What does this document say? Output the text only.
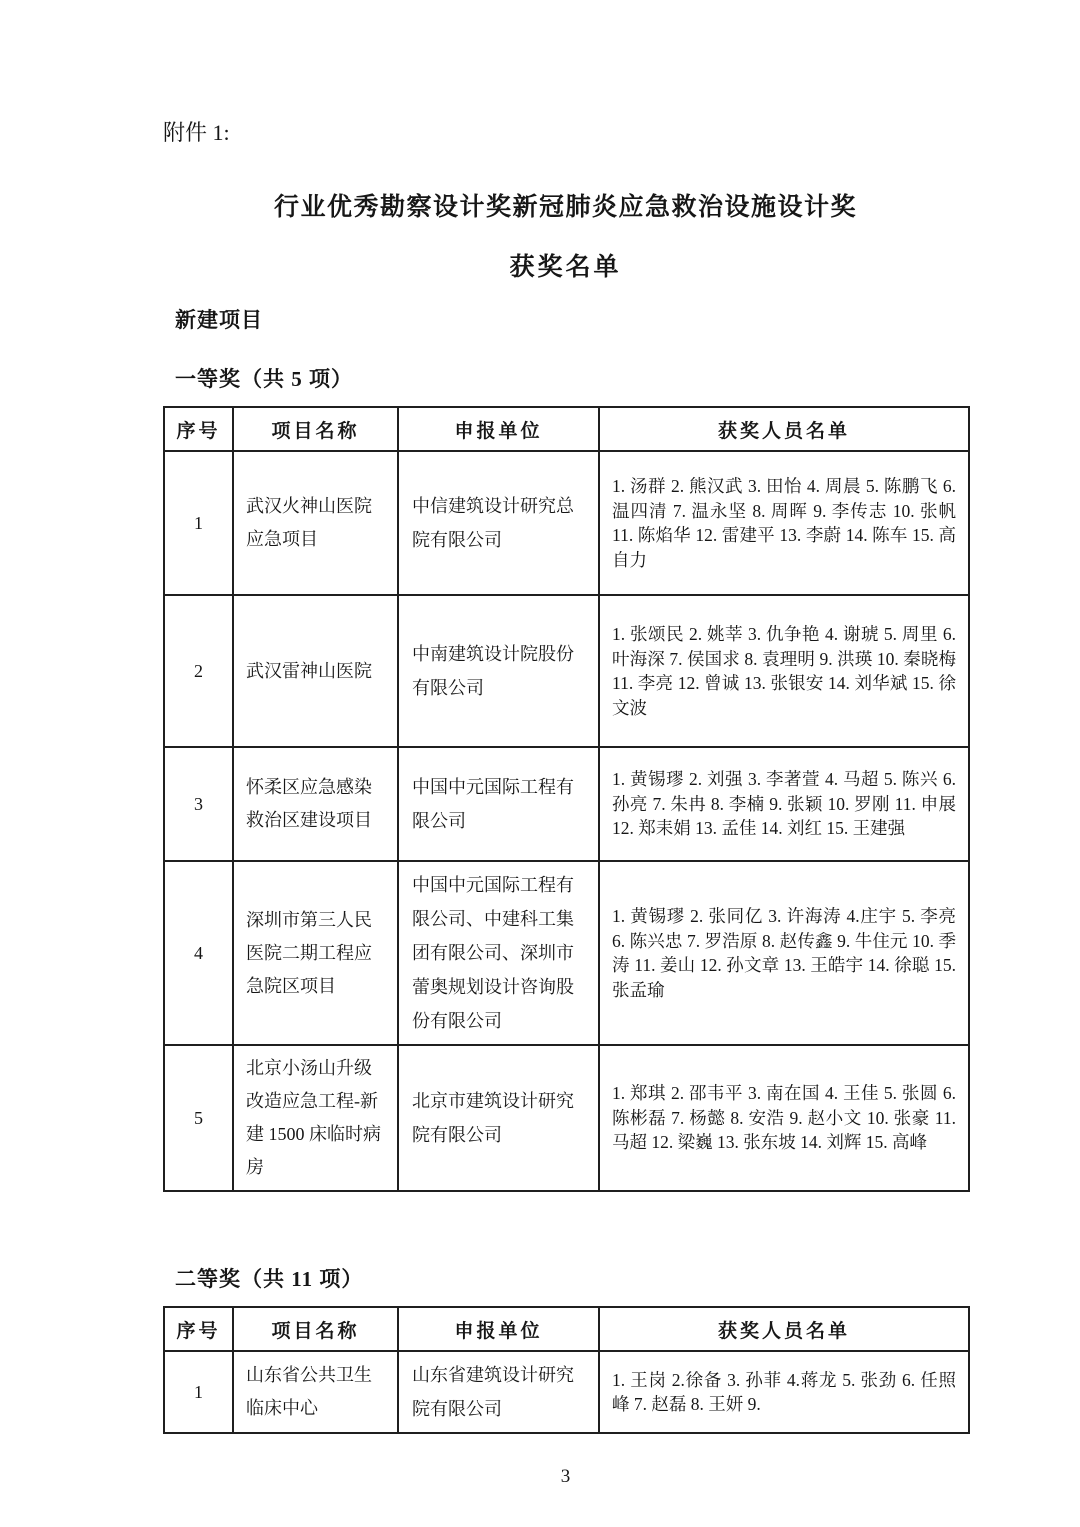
附件 1:
行业优秀勘察设计奖新冠肺炎应急救治设施设计奖
获奖名单
新建项目
一等奖（共 5 项）
序号	项目名称	申报单位	获奖人员名单
1	武汉火神山医院应急项目	中信建筑设计研究总院有限公司	1. 汤群 2. 熊汉武 3. 田怡 4. 周晨 5. 陈鹏飞 6. 温四清 7. 温永坚 8. 周晖 9. 李传志 10. 张帆 11. 陈焰华 12. 雷建平 13. 李蔚 14. 陈车 15. 高自力
2	武汉雷神山医院	中南建筑设计院股份有限公司	1. 张颂民 2. 姚莘 3. 仇争艳 4. 谢琥 5. 周里 6. 叶海深 7. 侯国求 8. 袁理明 9. 洪瑛 10. 秦晓梅 11. 李亮 12. 曾诚 13. 张银安 14. 刘华斌 15. 徐文波
3	怀柔区应急感染救治区建设项目	中国中元国际工程有限公司	1. 黄锡璆 2. 刘强 3. 李著萱 4. 马超 5. 陈兴 6. 孙亮 7. 朱冉 8. 李楠 9. 张颖 10. 罗刚 11. 申展 12. 郑耒娟 13. 孟佳 14. 刘红 15. 王建强
4	深圳市第三人民医院二期工程应急院区项目	中国中元国际工程有限公司、中建科工集团有限公司、深圳市蕾奥规划设计咨询股份有限公司	1. 黄锡璆 2. 张同亿 3. 许海涛 4.庄宇 5. 李亮 6. 陈兴忠 7. 罗浩原 8. 赵传鑫 9. 牛住元 10. 季涛 11. 姜山 12. 孙文章 13. 王皓宇 14. 徐聪 15. 张孟瑜
5	北京小汤山升级改造应急工程-新建 1500 床临时病房	北京市建筑设计研究院有限公司	1. 郑琪 2. 邵韦平 3. 南在国 4. 王佳 5. 张圆 6. 陈彬磊 7. 杨懿 8. 安浩 9. 赵小文 10. 张豪 11. 马超 12. 梁巍 13. 张东坡 14. 刘辉 15. 高峰
二等奖（共 11 项）
序号	项目名称	申报单位	获奖人员名单
1	山东省公共卫生临床中心	山东省建筑设计研究院有限公司	1. 王岗 2.徐备 3. 孙菲 4.蒋龙 5. 张劲 6. 任照峰 7. 赵磊 8. 王妍 9.
3
